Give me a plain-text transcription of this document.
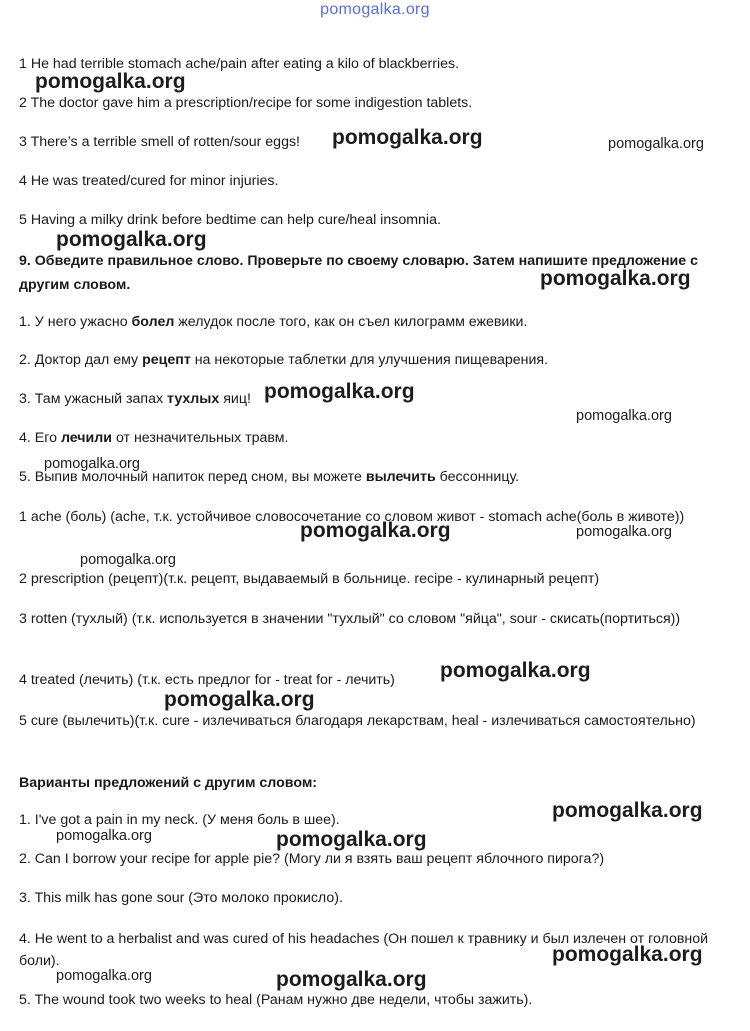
pomogalka.org
1 He had terrible stomach ache/pain after eating a kilo of blackberries.
2 The doctor gave him a prescription/recipe for some indigestion tablets.
3 There’s a terrible smell of rotten/sour eggs!
4 He was treated/cured for minor injuries.
5 Having a milky drink before bedtime can help cure/heal insomnia.
9. Обведите правильное слово. Проверьте по своему словарю. Затем напишите предложение с другим словом.
1. У него ужасно болел желудок после того, как он съел килограмм ежевики.
2. Доктор дал ему рецепт на некоторые таблетки для улучшения пищеварения.
3. Там ужасный запах тухлых яиц!
4. Его лечили от незначительных травм.
5. Выпив молочный напиток перед сном, вы можете вылечить бессонницу.
1 ache (боль) (ache, т.к. устойчивое словосочетание со словом живот - stomach ache(боль в животе))
2 prescription (рецепт)(т.к. рецепт, выдаваемый в больнице. recipe - кулинарный рецепт)
3 rotten (тухлый) (т.к. используется в значении "тухлый" со словом "яйца", sour - скисать(портиться))
4 treated (лечить) (т.к. есть предлог for - treat for - лечить)
5 cure (вылечить)(т.к. cure - излечиваться благодаря лекарствам, heal - излечиваться самостоятельно)
Варианты предложений с другим словом:
1. I've got a pain in my neck. (У меня боль в шее).
2. Can I borrow your recipe for apple pie? (Могу ли я взять ваш рецепт яблочного пирога?)
3. This milk has gone sour (Это молоко прокисло).
4. He went to a herbalist and was cured of his headaches (Он пошел к травнику и был излечен от головной боли).
5. The wound took two weeks to heal (Ранам нужно две недели, чтобы зажить).
pomogalka.org
pomogalka.org	pomogalka.org
pomogalka.org
pomogalka.org
pomogalka.org
pomogalka.org
pomogalka.org
pomogalka.org	pomogalka.org
pomogalka.org
pomogalka.org
pomogalka.org
pomogalka.org
pomogalka.org	pomogalka.org
pomogalka.org
pomogalka.org	pomogalka.org
